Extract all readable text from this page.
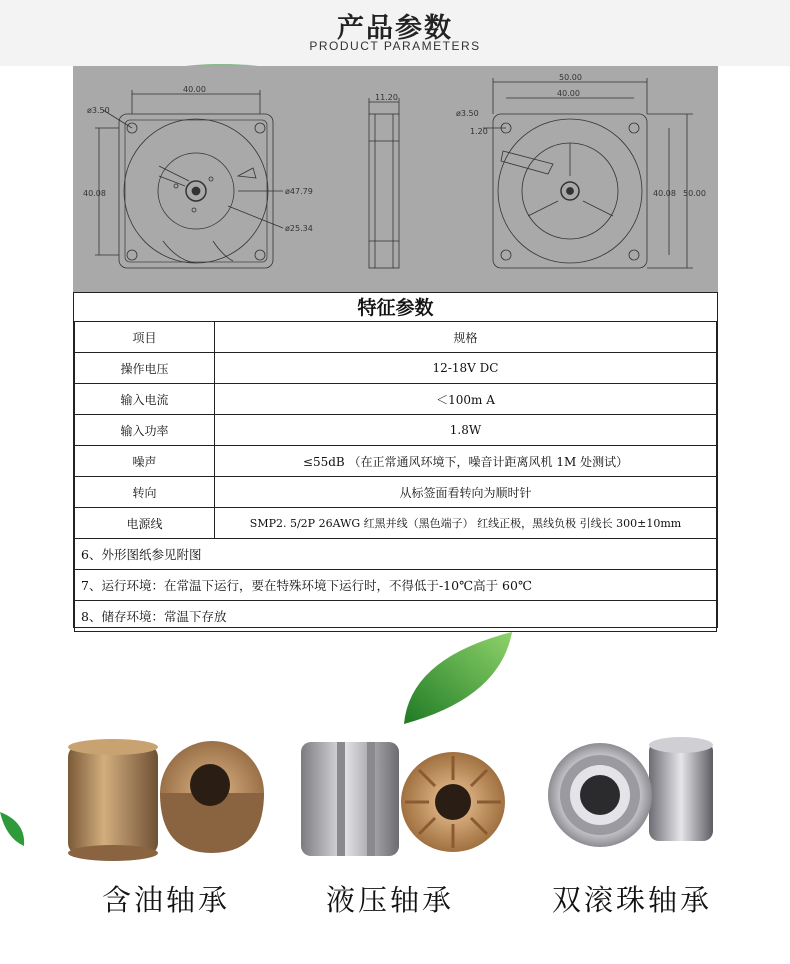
产品参数
PRODUCT PARAMETERS
40.00
ø3.50
40.08	ø47.79
ø25.34
11.20
50.00
40.00
ø3.50
1.20
40.08 50.00
特征参数
项目	规格
操作电压	12-18V DC
输入电流	＜100m A
输入功率	1.8W
噪声	≤55dB （在正常通风环境下，噪音计距离风机 1M 处测试）
转向	从标签面看转向为顺时针
电源线	SMP2. 5/2P 26AWG 红黑并线（黑色端子） 红线正极，黑线负极 引线长 300±10mm
6、外形图纸参见附图	
7、运行环境：在常温下运行，要在特殊环境下运行时，不得低于-10℃高于 60℃	
8、储存环境：常温下存放	
含油轴承	液压轴承	双滚珠轴承
